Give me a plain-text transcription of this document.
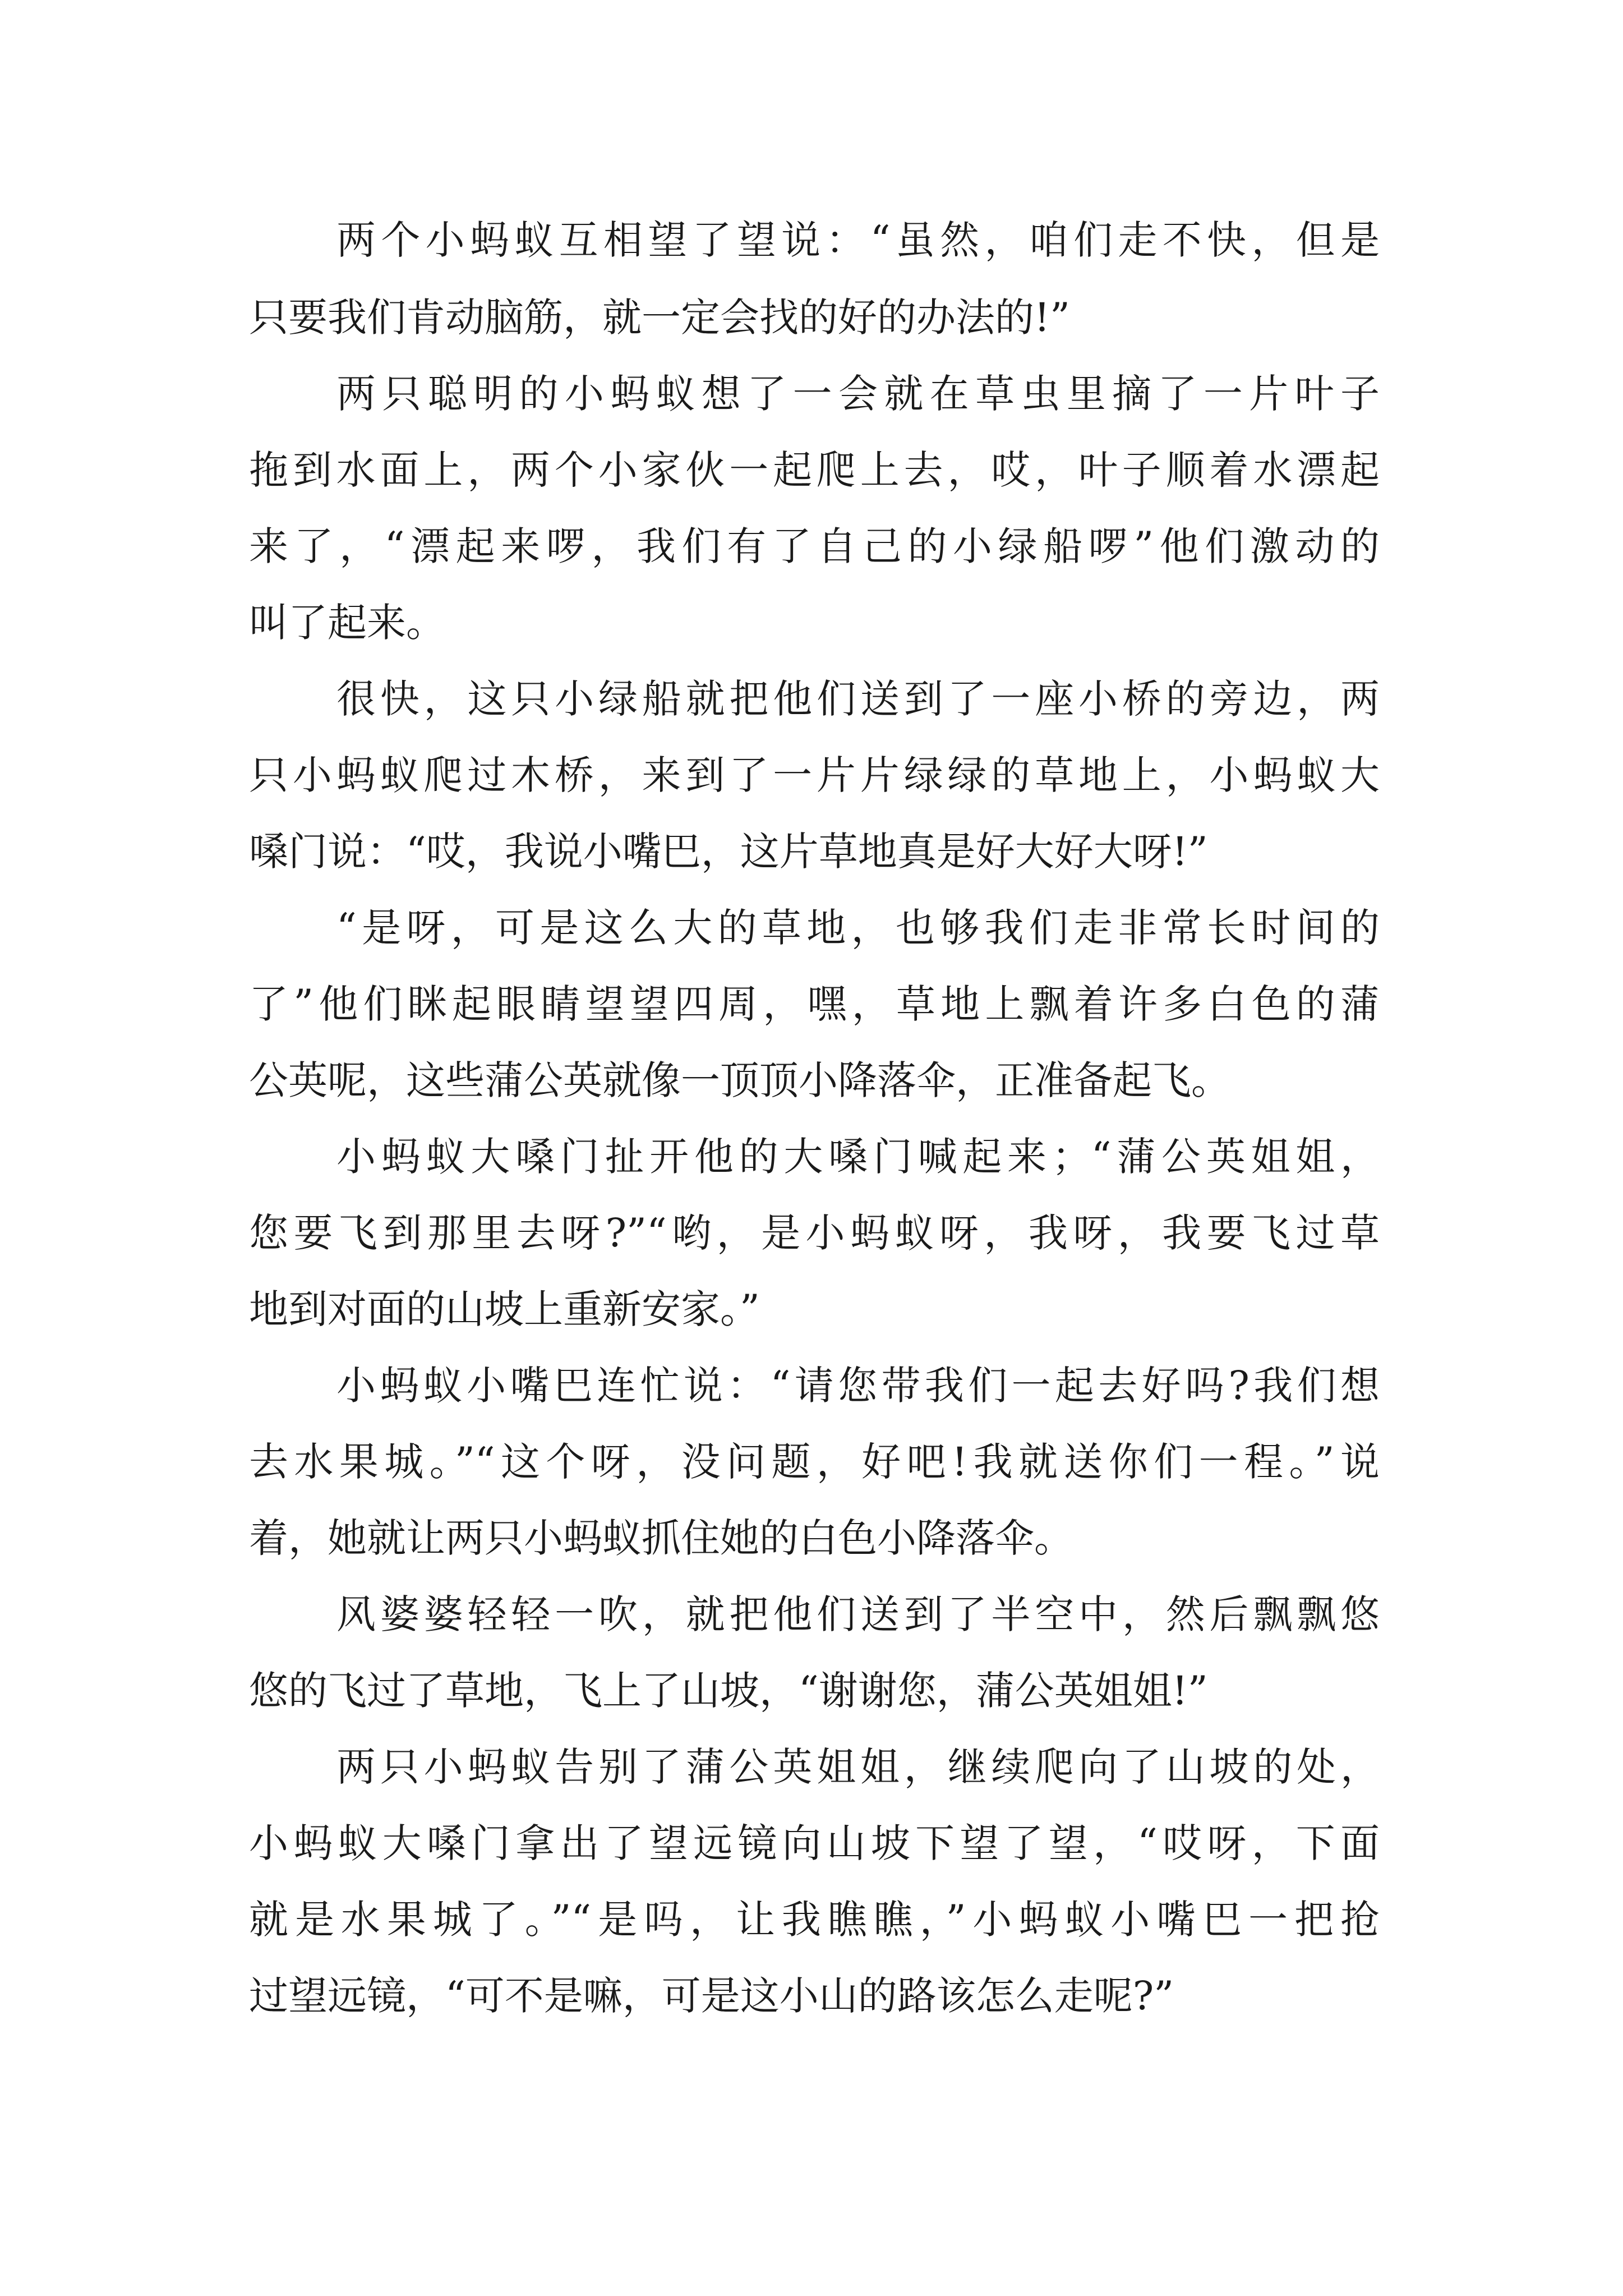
两个小蚂蚁互相望了望说：“虽然，咱们走不快，但是

只要我们肯动脑筋，就一定会找的好的办法的!”

两只聪明的小蚂蚁想了一会就在草虫里摘了一片叶子

拖到水面上，两个小家伙一起爬上去，哎，叶子顺着水漂起

来了，“漂起来啰，我们有了自己的小绿船啰”他们激动的

叫了起来。

很快，这只小绿船就把他们送到了一座小桥的旁边，两

只小蚂蚁爬过木桥，来到了一片片绿绿的草地上，小蚂蚁大

嗓门说：“哎，我说小嘴巴，这片草地真是好大好大呀!”

“是呀，可是这么大的草地，也够我们走非常长时间的

了”他们眯起眼睛望望四周，嘿，草地上飘着许多白色的蒲

公英呢，这些蒲公英就像一顶顶小降落伞，正准备起飞。

小蚂蚁大嗓门扯开他的大嗓门喊起来；“蒲公英姐姐，

您要飞到那里去呀?”“哟，是小蚂蚁呀，我呀，我要飞过草

地到对面的山坡上重新安家。”

小蚂蚁小嘴巴连忙说：“请您带我们一起去好吗?我们想

去水果城。”“这个呀，没问题，好吧!我就送你们一程。”说

着，她就让两只小蚂蚁抓住她的白色小降落伞。

风婆婆轻轻一吹，就把他们送到了半空中，然后飘飘悠

悠的飞过了草地，飞上了山坡，“谢谢您，蒲公英姐姐!”

两只小蚂蚁告别了蒲公英姐姐，继续爬向了山坡的处，

小蚂蚁大嗓门拿出了望远镜向山坡下望了望，“哎呀，下面

就是水果城了。”“是吗，让我瞧瞧，”小蚂蚁小嘴巴一把抢

过望远镜，“可不是嘛，可是这小山的路该怎么走呢?”
